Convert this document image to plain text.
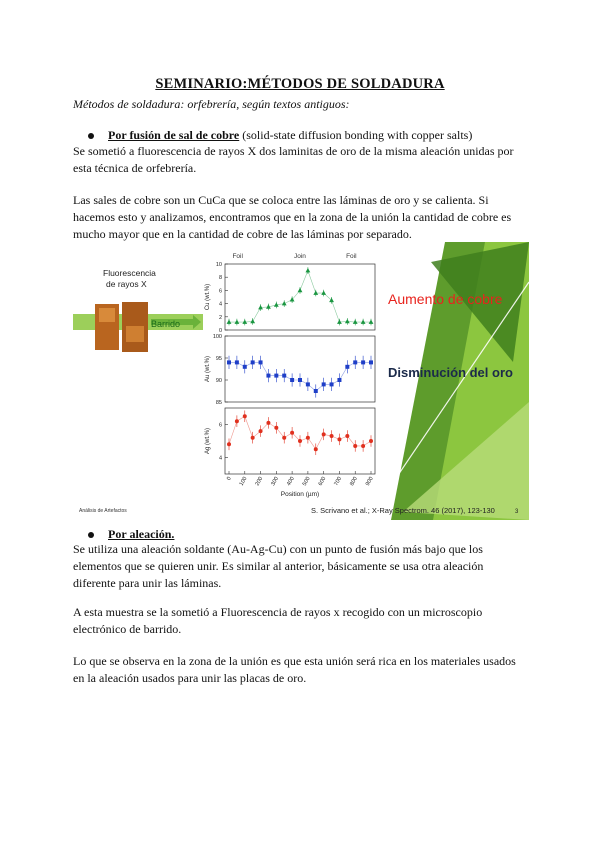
SEMINARIO:MÉTODOS DE SOLDADURA
Métodos de soldadura: orfebrería, según textos antiguos:
Por fusión de sal de cobre (solid-state diffusion bonding with copper salts)
Se sometió a fluorescencia de rayos X dos laminitas de oro de la misma aleación unidas por
esta técnica de orfebrería.
Las sales de cobre son un CuCa que se coloca entre las láminas de oro y se calienta. Si
hacemos esto y analizamos, encontramos que en la zona de la unión la cantidad de cobre es
mucho mayor que en la cantidad de cobre de las láminas por separado.
Fluorescencia
de rayos X
Barrido
Foil	Join	Foil
0
2
4
6
8
10
Cu (wt.%)
85
90
95
100
Au (wt.%)
4
6
Ag (wt.%)
0 100 200 300 400 500 600 700 800 900
Position (µm)
Aumento de cobre
Disminución del oro
Análisis de Artefactos	S. Scrivano et al.; X-Ray Spectrom. 46 (2017), 123-130	3
Por aleación.
Se utiliza una aleación soldante (Au-Ag-Cu) con un punto de fusión más bajo que los
elementos que se quieren unir. Es similar al anterior, básicamente se usa otra aleación
diferente para unir las láminas.
A esta muestra se la sometió a Fluorescencia de rayos x recogido con un microscopio
electrónico de barrido.
Lo que se observa en la zona de la unión es que esta unión será rica en los materiales usados
en la aleación usados para unir las placas de oro.
